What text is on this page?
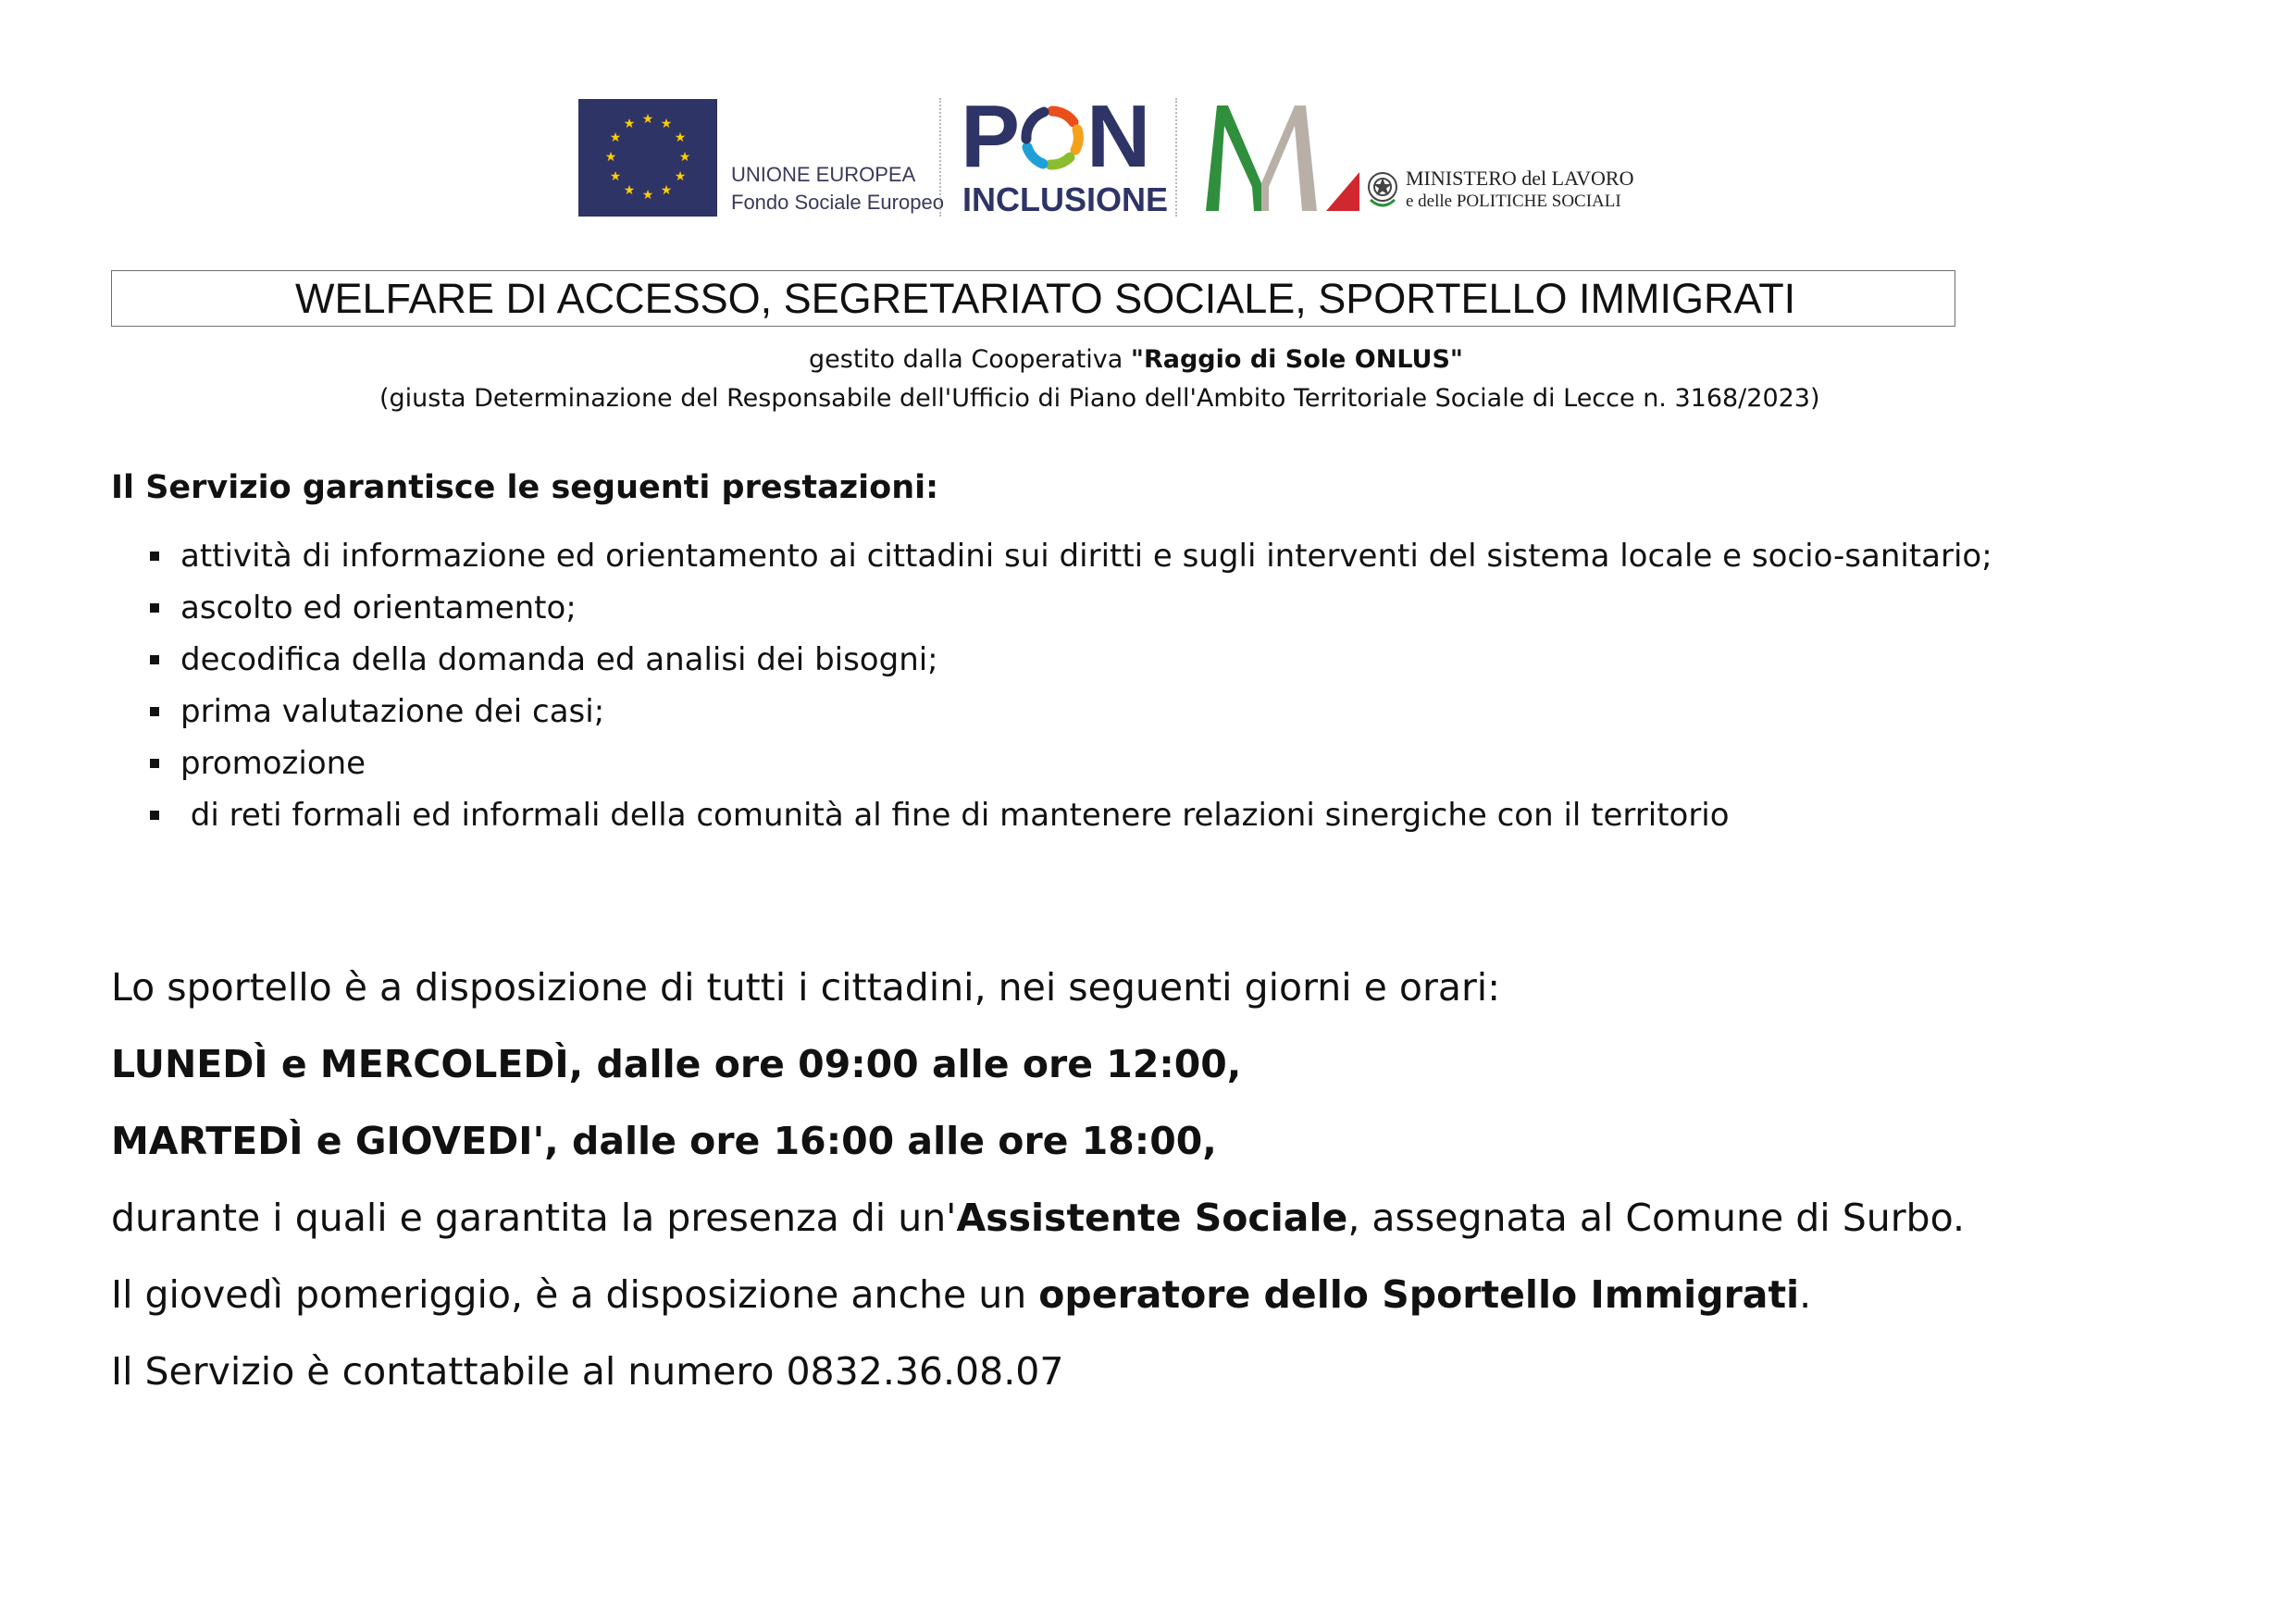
★ ★
★
★
★
★
★
★
★
★
★
★
UNIONE EUROPEA
Fondo Sociale Europeo
P N
INCLUSIONE
MINISTERO del LAVORO
e delle POLITICHE SOCIALI
WELFARE DI ACCESSO, SEGRETARIATO SOCIALE, SPORTELLO IMMIGRATI
gestito dalla Cooperativa "Raggio di Sole ONLUS"
(giusta Determinazione del Responsabile dell'Ufficio di Piano dell'Ambito Territoriale Sociale di Lecce n. 3168/2023)
Il Servizio garantisce le seguenti prestazioni:
attività di informazione ed orientamento ai cittadini sui diritti e sugli interventi del sistema locale e socio-sanitario;
ascolto ed orientamento;
decodifica della domanda ed analisi dei bisogni;
prima valutazione dei casi;
promozione
di reti formali ed informali della comunità al fine di mantenere relazioni sinergiche con il territorio

Lo sportello è a disposizione di tutti i cittadini, nei seguenti giorni e orari:

LUNEDÌ e MERCOLEDÌ, dalle ore 09:00 alle ore 12:00,

MARTEDÌ e GIOVEDI', dalle ore 16:00 alle ore 18:00,

durante i quali e garantita la presenza di un'Assistente Sociale, assegnata al Comune di Surbo.

Il giovedì pomeriggio, è a disposizione anche un operatore dello Sportello Immigrati.

Il Servizio è contattabile al numero 0832.36.08.07
